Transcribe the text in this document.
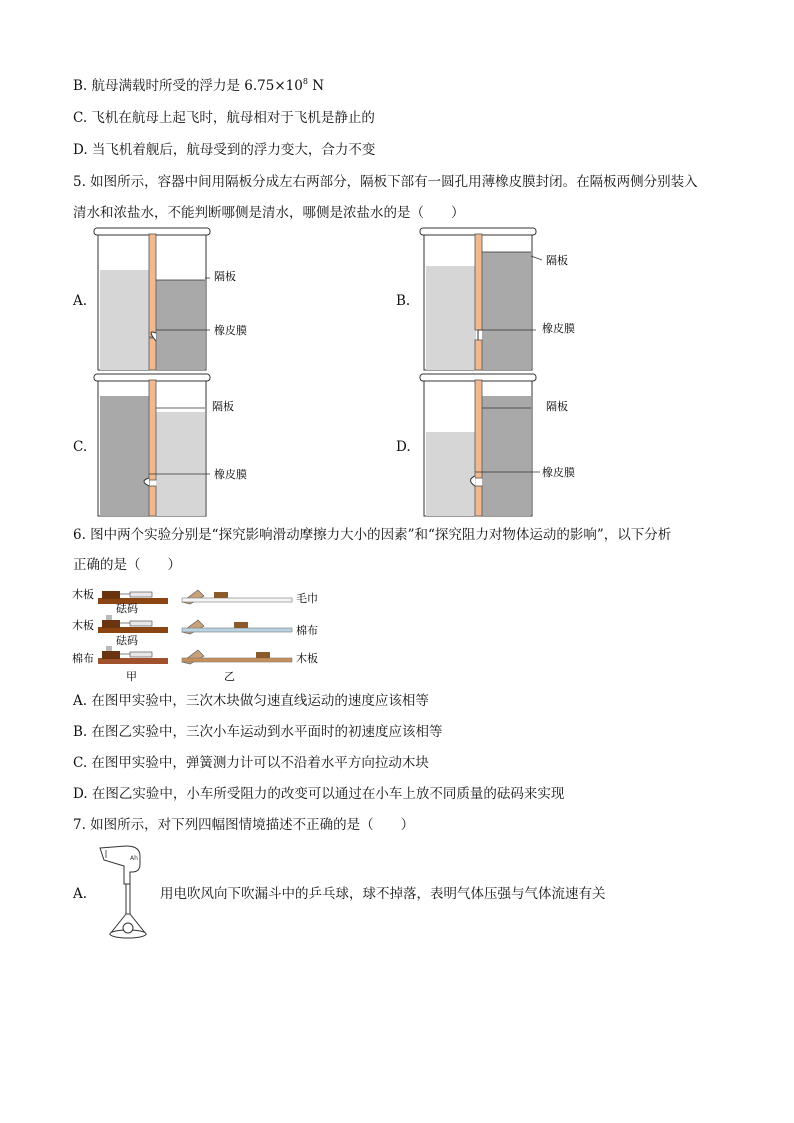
B. 航母满载时所受的浮力是 $6.75\times 10^8$ N
C. 飞机在航母上起飞时，航母相对于飞机是静止的
D. 当飞机着舰后，航母受到的浮力变大，合力不变
5. 如图所示，容器中间用隔板分成左右两部分，隔板下部有一圆孔用薄橡皮膜封闭。在隔板两侧分别装入
清水和浓盐水，不能判断哪侧是清水，哪侧是浓盐水的是（　　）
A.	B.
C.	D.
隔板
橡皮膜
隔板
橡皮膜
隔板
橡皮膜
隔板
橡皮膜
6. 图中两个实验分别是“探究影响滑动摩擦力大小的因素”和“探究阻力对物体运动的影响”，以下分析
正确的是（　　）
木板
砝码
木板
砝码
棉布
甲
毛巾
棉布
木板
乙
A. 在图甲实验中，三次木块做匀速直线运动的速度应该相等
B. 在图乙实验中，三次小车运动到水平面时的初速度应该相等
C. 在图甲实验中，弹簧测力计可以不沿着水平方向拉动木块
D. 在图乙实验中，小车所受阻力的改变可以通过在小车上放不同质量的砝码来实现
7. 如图所示，对下列四幅图情境描述不正确的是（　　）
A.
Ah
用电吹风向下吹漏斗中的乒乓球，球不掉落，表明气体压强与气体流速有关
